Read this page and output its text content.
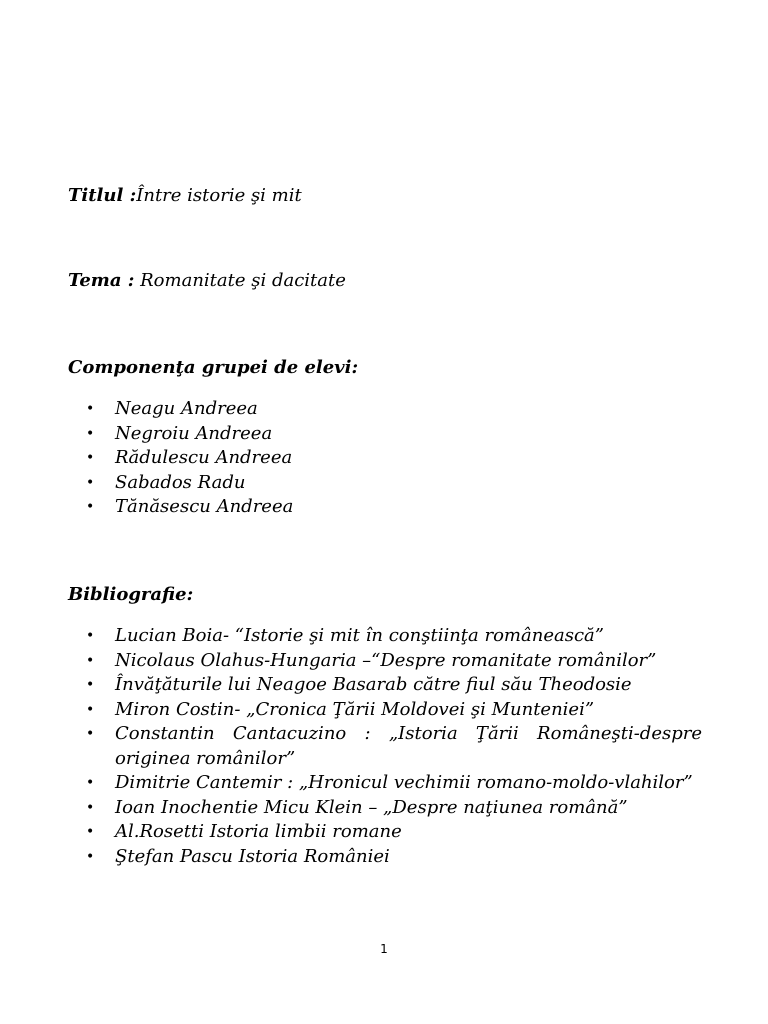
Titlul :Între istorie şi mit
Tema : Romanitate şi dacitate
Componenţa grupei de elevi:
• Neagu Andreea
• Negroiu Andreea
• Rădulescu Andreea
• Sabados Radu
• Tănăsescu Andreea
Bibliografie:
• Lucian Boia- “Istorie şi mit în conştiinţa românească”
• Nicolaus Olahus-Hungaria –“Despre romanitate românilor”
• Învăţăturile lui Neagoe Basarab către fiul său Theodosie
• Miron Costin- „Cronica Ţării Moldovei şi Munteniei”
• Constantin Cantacuzino : „Istoria Ţării Româneşti-despre originea românilor”
• Dimitrie Cantemir : „Hronicul vechimii romano-moldo-vlahilor”
• Ioan Inochentie Micu Klein – „Despre naţiunea română”
• Al.Rosetti Istoria limbii romane
• Ştefan Pascu Istoria României
1
